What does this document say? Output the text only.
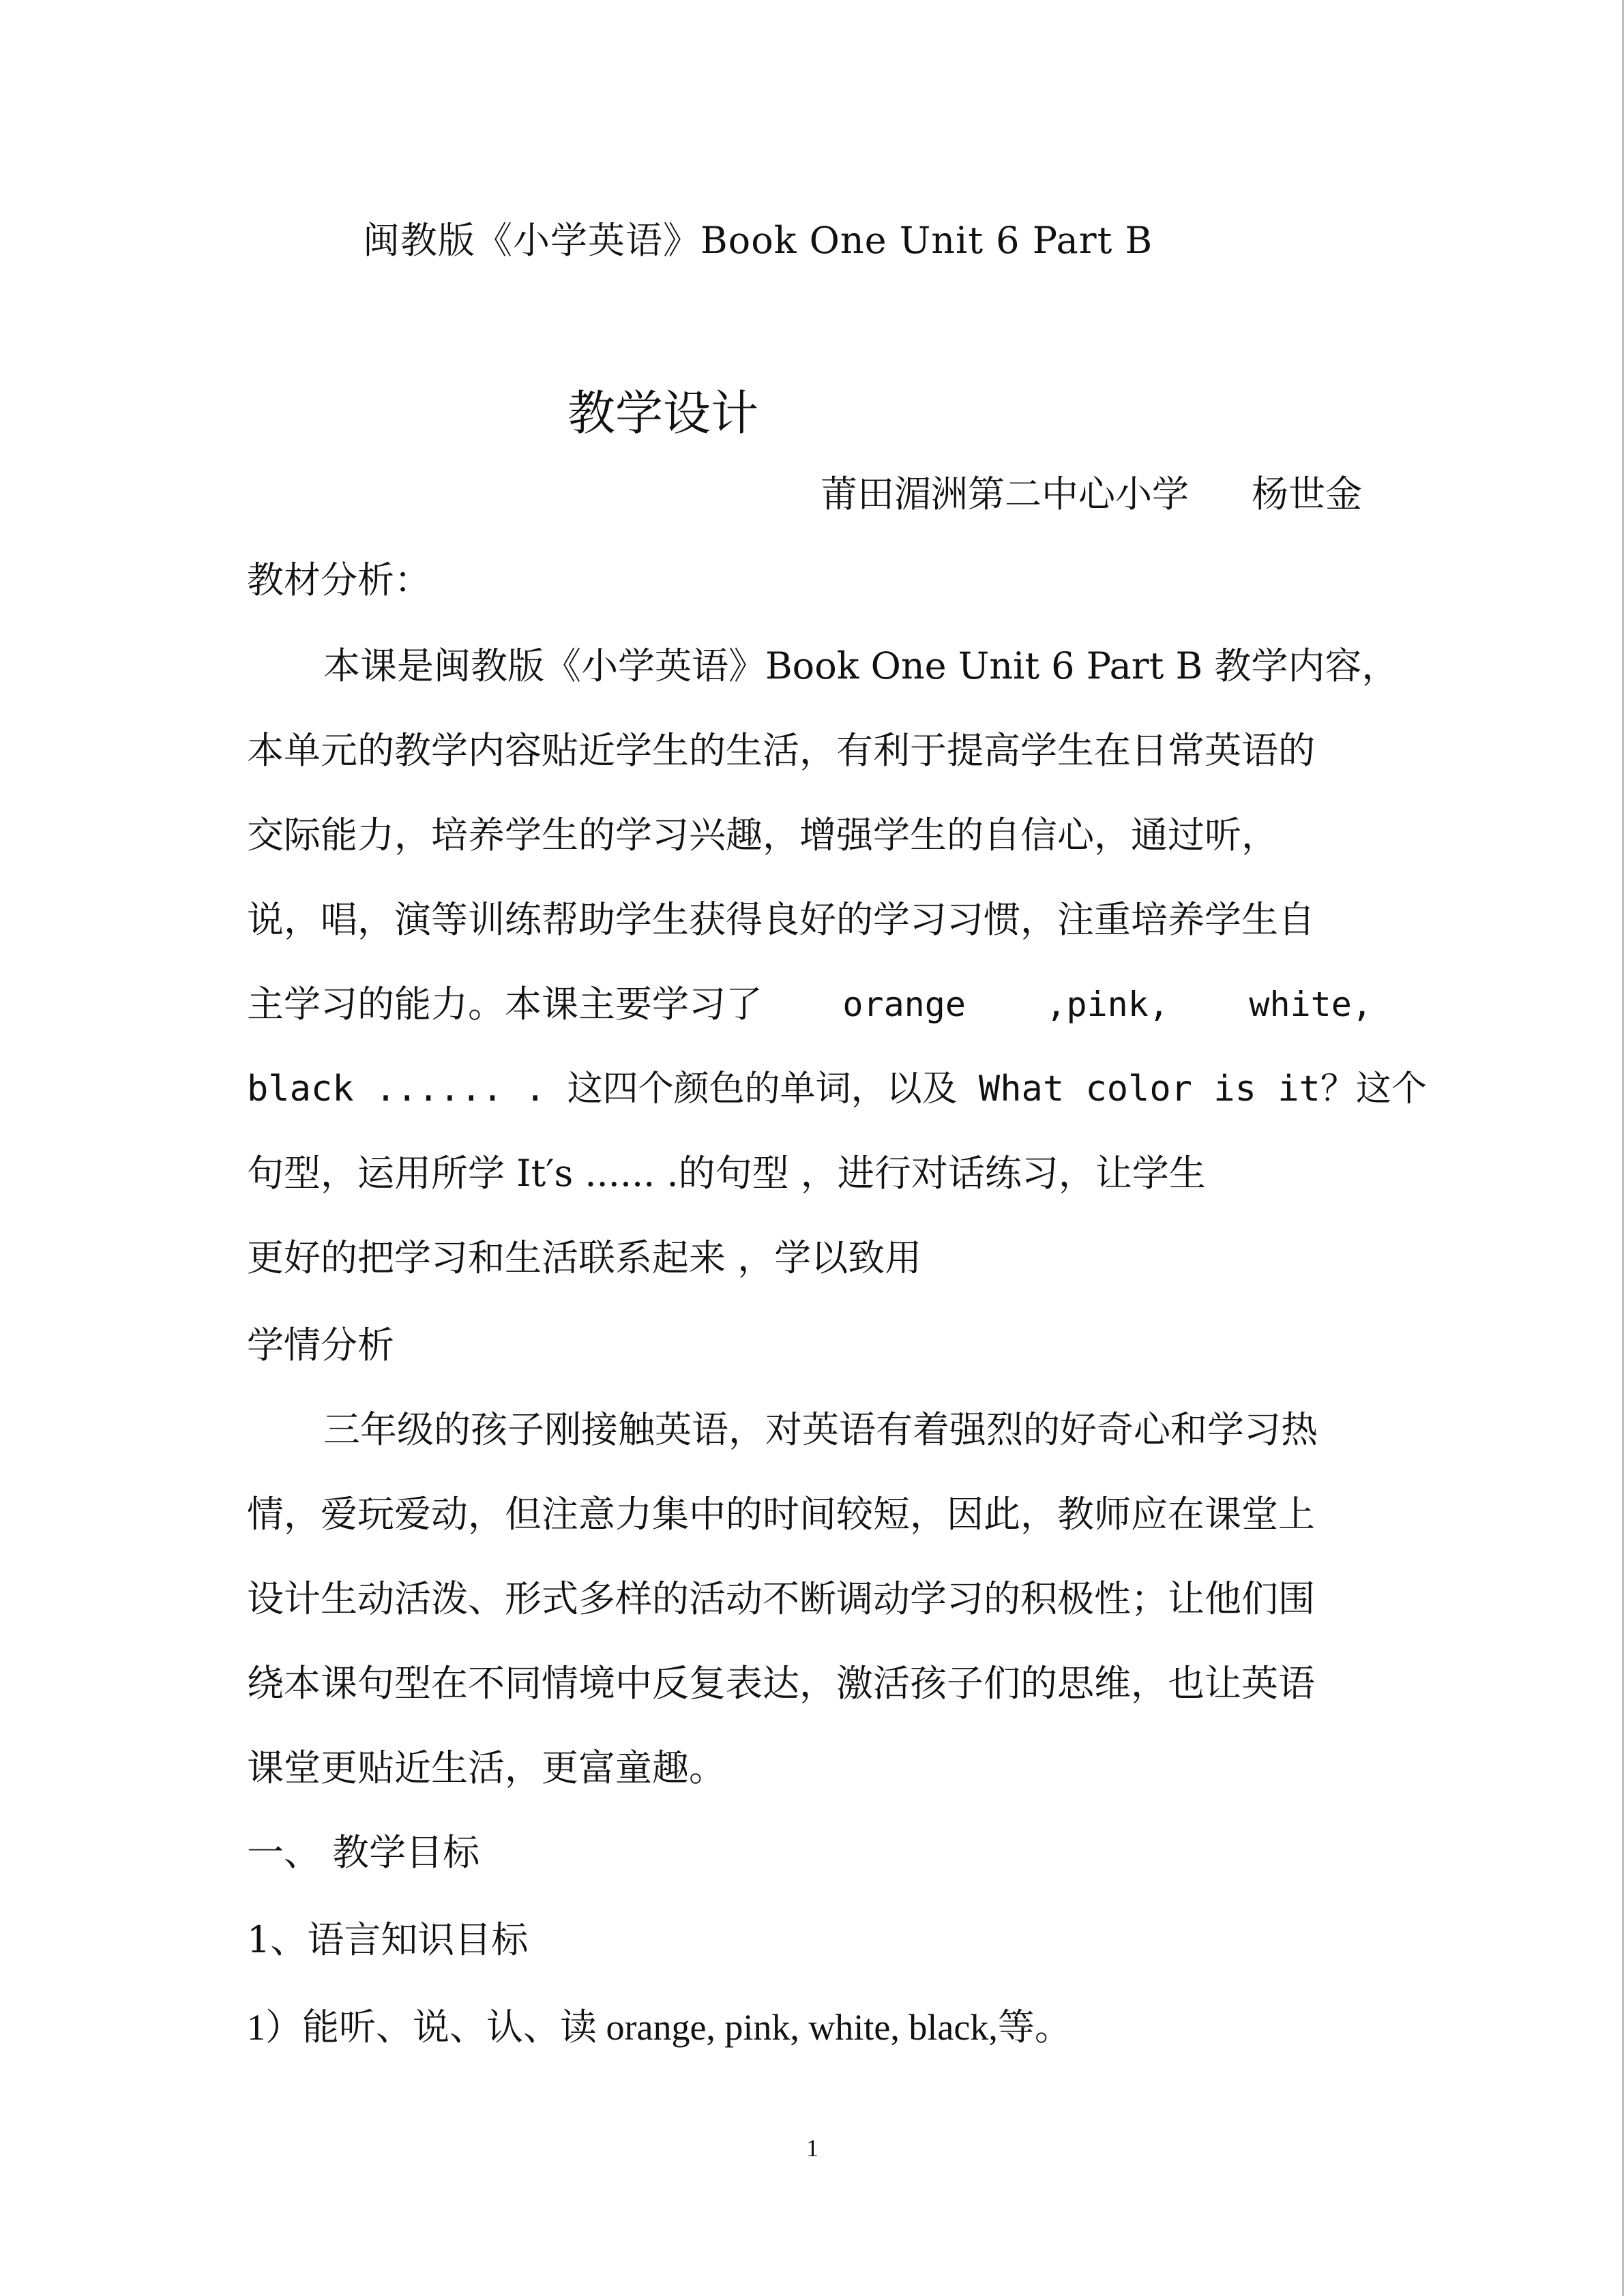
闽教版《小学英语》Book One Unit 6 Part B
教学设计
莆田湄洲第二中心小学 杨世金
教材分析：
本课是闽教版《小学英语》Book One Unit 6 Part B 教学内容，
本单元的教学内容贴近学生的生活，有利于提高学生在日常英语的
交际能力，培养学生的学习兴趣，增强学生的自信心，通过听，
说，唱，演等训练帮助学生获得良好的学习习惯，注重培养学生自
主学习的能力。本课主要学习了 orange ,pink, white,
black ...... . 这四个颜色的单词，以及 What color is it？这个
句型，运用所学 It′s ...... .的句型 ，进行对话练习，让学生
更好的把学习和生活联系起来 ，学以致用
学情分析
三年级的孩子刚接触英语，对英语有着强烈的好奇心和学习热
情，爱玩爱动，但注意力集中的时间较短，因此，教师应在课堂上
设计生动活泼、形式多样的活动不断调动学习的积极性；让他们围
绕本课句型在不同情境中反复表达，激活孩子们的思维，也让英语
课堂更贴近生活，更富童趣。
一、 教学目标
1、语言知识目标
1）能听、说、认、读 orange, pink, white, black,等。
1
